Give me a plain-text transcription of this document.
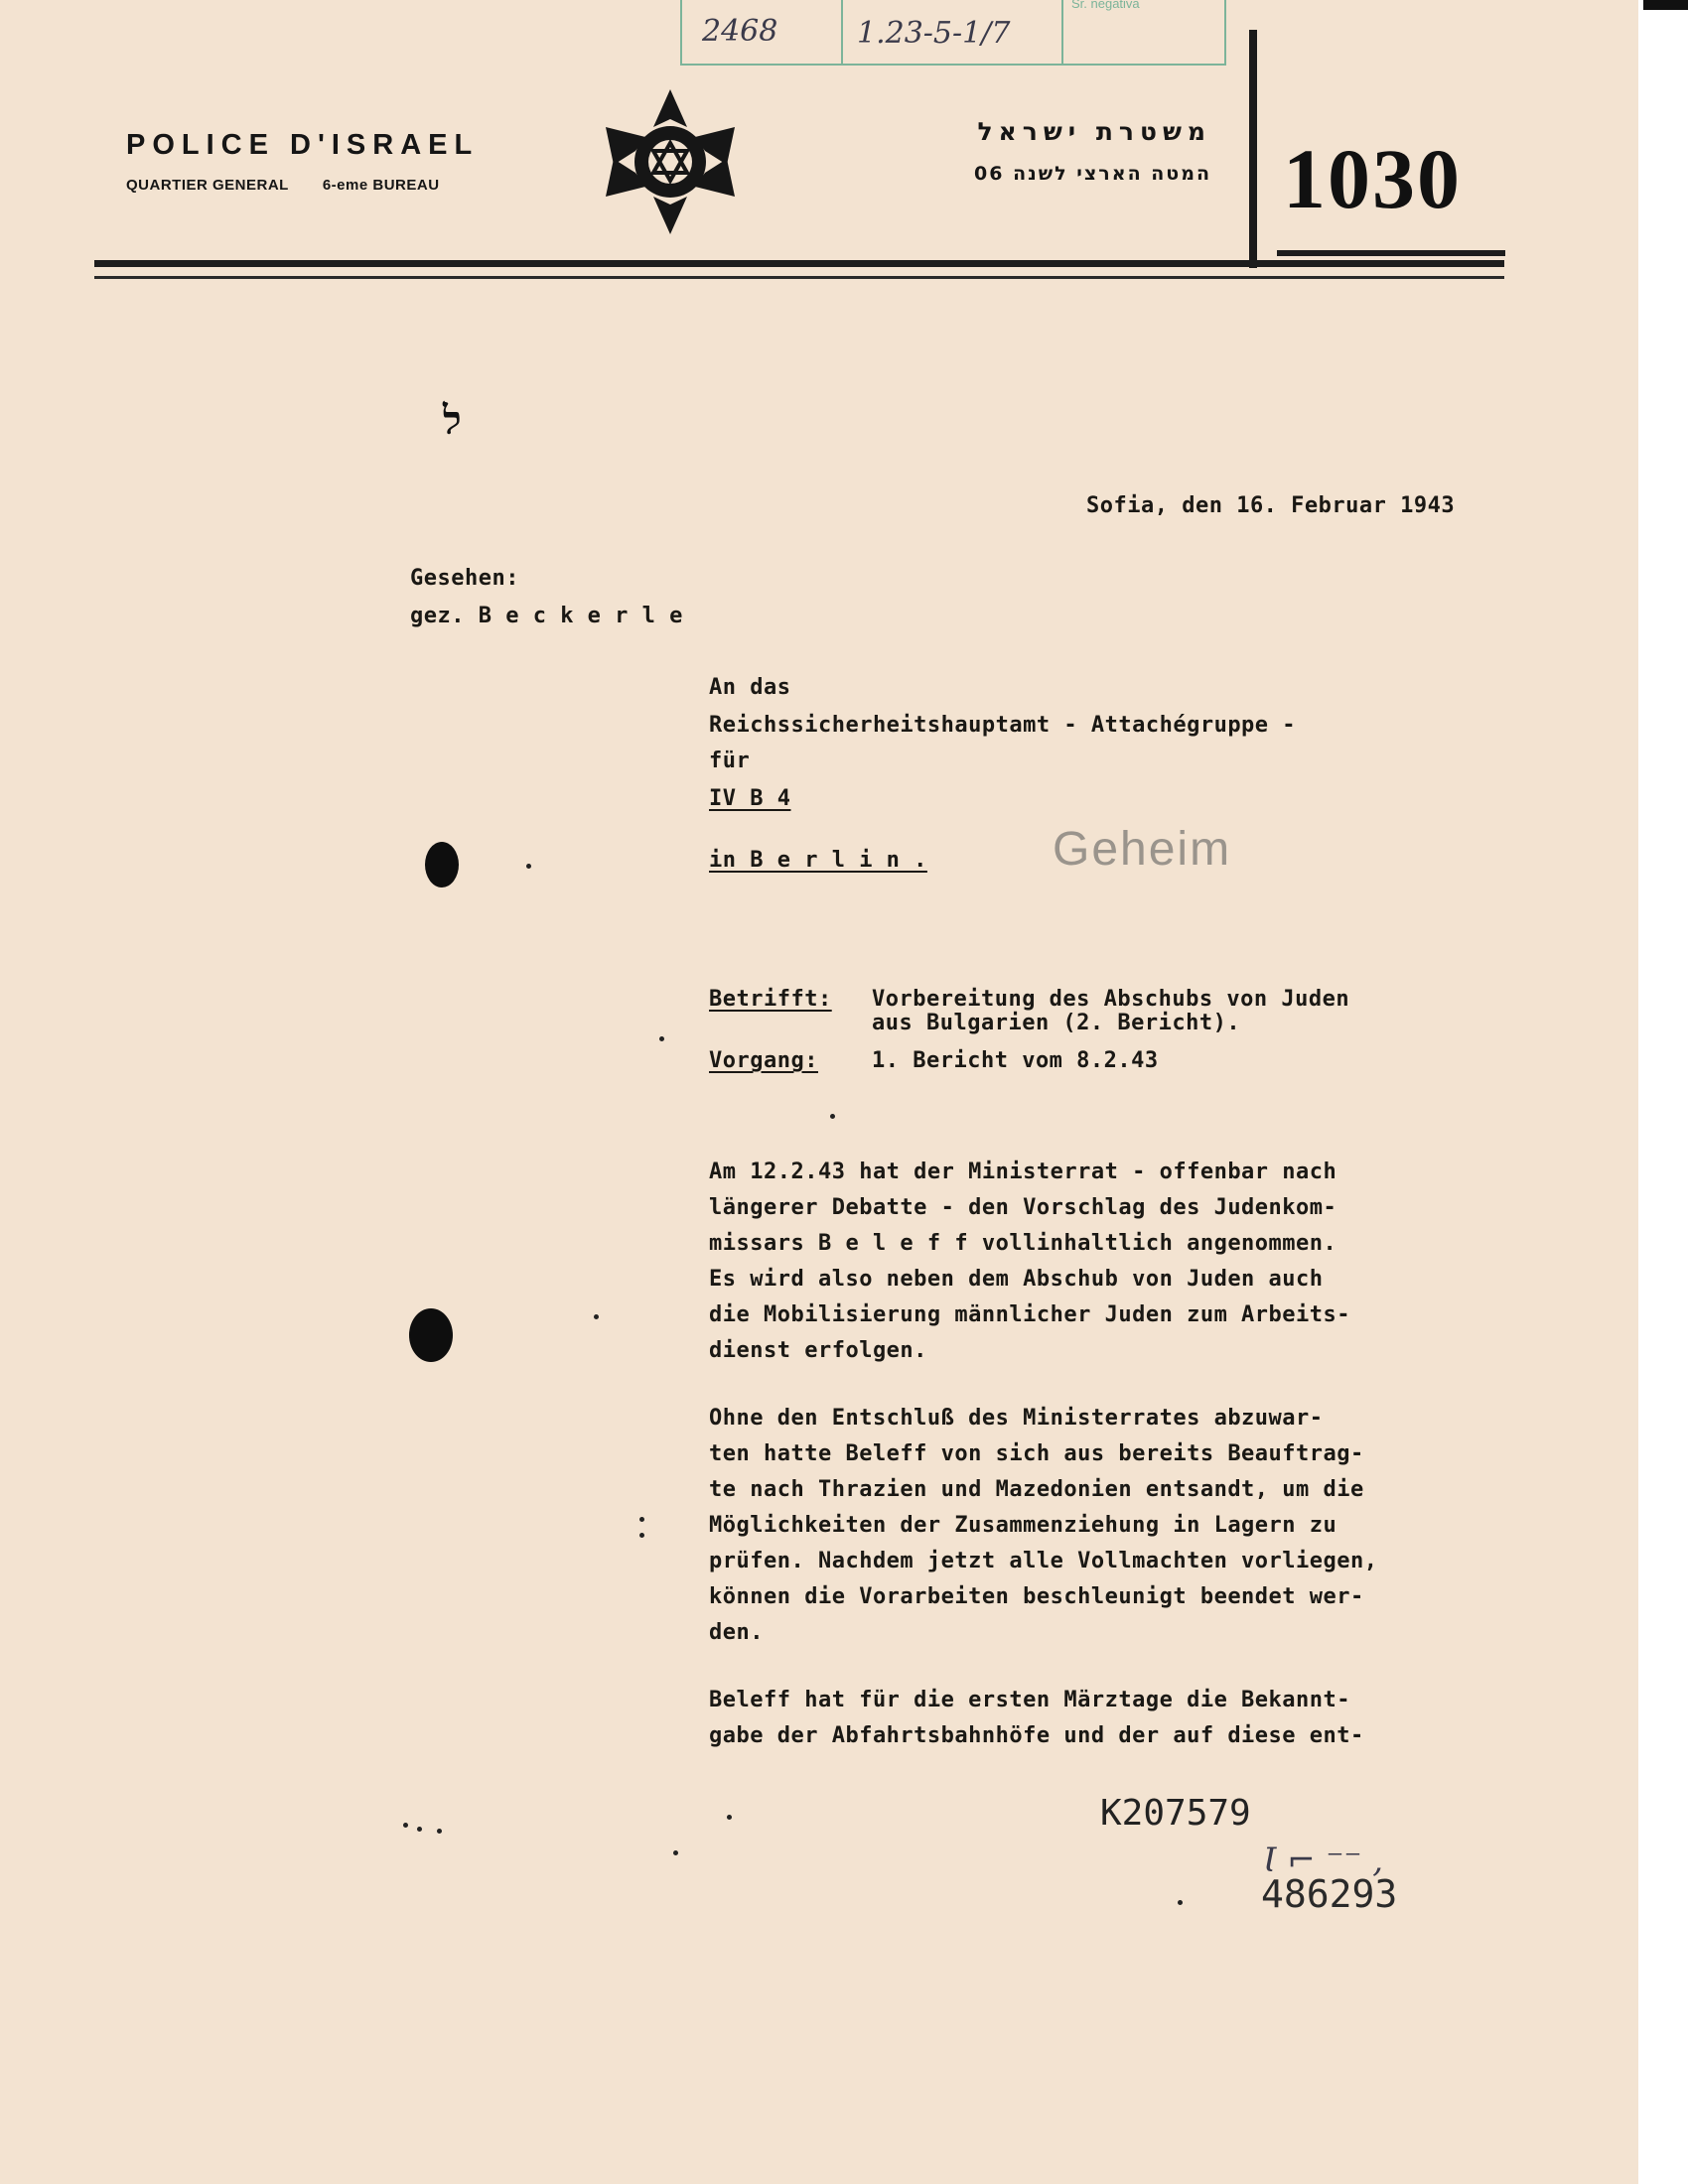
2468	1.23-5-1/7
Sr. negativa
POLICE D'ISRAEL
QUARTIER GENERAL 6-eme BUREAU
משטרת ישראל
המטה הארצי לשנה 06 1030
ל
Sofia, den 16. Februar 1943
Gesehen:
gez. B e c k e r l e
An das
Reichssicherheitshauptamt - Attachégruppe -
für
IV B 4
in B e r l i n .	Geheim
Betrifft: Vorbereitung des Abschubs von Juden
aus Bulgarien (2. Bericht).
Vorgang: 1. Bericht vom 8.2.43
Am 12.2.43 hat der Ministerrat - offenbar nach
längerer Debatte - den Vorschlag des Judenkom-
missars B e l e f f vollinhaltlich angenommen.
Es wird also neben dem Abschub von Juden auch
die Mobilisierung männlicher Juden zum Arbeits-
dienst erfolgen.
Ohne den Entschluß des Ministerrates abzuwar-
ten hatte Beleff von sich aus bereits Beauftrag-
te nach Thrazien und Mazedonien entsandt, um die
Möglichkeiten der Zusammenziehung in Lagern zu
prüfen. Nachdem jetzt alle Vollmachten vorliegen,
können die Vorarbeiten beschleunigt beendet wer-
den.
Beleff hat für die ersten Märztage die Bekannt-
gabe der Abfahrtsbahnhöfe und der auf diese ent-
K207579
Ɩ ⌐ ⁻⁻ ,
486293
